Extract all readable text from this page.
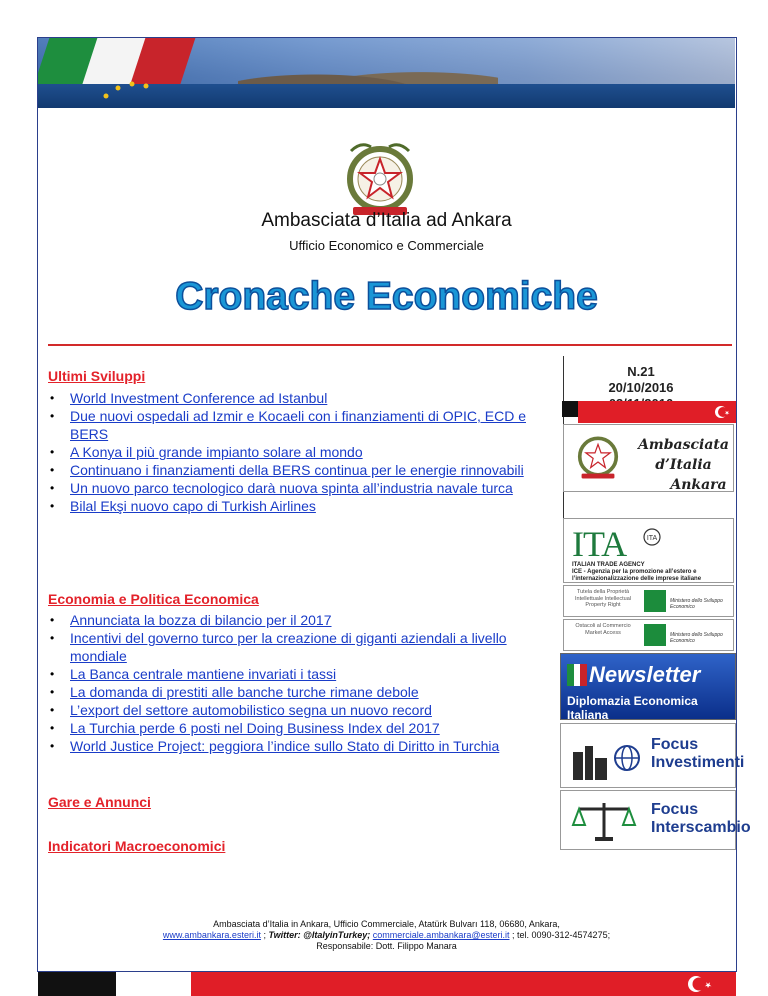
Ambasciata d’Italia ad Ankara
Ufficio Economico e Commerciale
Cronache Economiche
N.21
20/10/2016
Ultimi Sviluppi
• World Investment Conference ad Istanbul
• Due nuovi ospedali ad Izmir e Kocaeli con i finanziamenti di OPIC, ECD e BERS
• A Konya il più grande impianto solare al mondo
• Continuano i finanziamenti della BERS continua per le energie rinnovabili
• Un nuovo parco tecnologico darà nuova spinta all’industria navale turca
• Bilal Ekşi nuovo capo di Turkish Airlines
Economia e Politica Economica
• Annunciata la bozza di bilancio per il 2017
• Incentivi del governo turco per la creazione di giganti aziendali a livello mondiale
• La Banca centrale mantiene invariati i tassi
• La domanda di prestiti alle banche turche rimane debole
• L’export del settore automobilistico segna un nuovo record
• La Turchia perde 6 posti nel Doing Business Index del 2017
• World Justice Project: peggiora l’indice sullo Stato di Diritto in Turchia
Gare e Annunci
Indicatori Macroeconomici
Ambasciata d’Italia
Ankara
ITA	ITA
ITALIAN TRADE AGENCY
ICE - Agenzia per la promozione all’estero e l’internazionalizzazione delle imprese italiane
Tutela della Proprietà Intellettuale Intellectual Property Right
Ministero dello Sviluppo Economico
Ostacoli al Commercio Market Access	Ministero dello Sviluppo Economico
Newsletter
Diplomazia Economica Italiana
Focus
Investimenti
Focus
Interscambio
Ambasciata d’Italia in Ankara, Ufficio Commerciale, Atatürk Bulvarı 118, 06680, Ankara,
www.ambankara.esteri.it ; Twitter: @ItalyinTurkey; commerciale.ambankara@esteri.it ; tel. 0090-312-4574275;
Responsabile: Dott. Filippo Manara
